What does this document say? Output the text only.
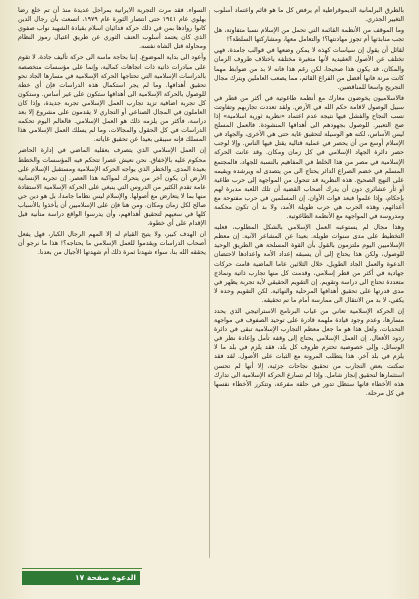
بالطرق البرلمانية الديموقراطية أم يرفض كل ما هو قائم واعتماد أسلوب التغيير الجذري.

وما الموقف من الأنظمة القائمة التي تحمل من الإسلام نسبا متفاوتة، هل تجب منابذتها أم تجوز مهادنتها؟! والتعامل معها، ومشاركتها السلطة؟!

لقائل أن يقول إن سياسات كهذه لا يمكن وضعها في قوالب جامدة، فهي تختلف عن الأصول العقيدية لأنها متغيرة مختلفة باختلاف ظروف الزمان والمكان، قد يكون هذا صحيحا، لكن رغم هذا فانه لا بد من ضوابط مهما كانت مرنة فانها أفضل من الفراغ القائم، مما يصعب العاملين ويترك مجال التجريح واسعا للمناقضين.

فالاسلاميون يخوضون معارك مع أنظمة طاغوتية في أكثر من قطر في سبيل الوصول لاقامة حكم الله في الأرض. ولقد تعددت تجاربهم وتفاوتت نسب النجاح والفشل فيها نتيجة عدم اعتماد «نظرية ثورية اسلامية» إذا صح التعبير. للوصول بجهودهم الى أهدافها المنشودة. فالعمل المسلح ليس الأساس، لكنه هو الوسيلة لتحقيق غاية حتى هي الأخرى، والجهاد في الإسلام أوسع من أن يحصر في عملية قتالية يقتل فيها الناس. وإلا لوجب حصر دائرة الجهاد الإسلامي في كل زمان ومكان. وقد عانت الحركة الإسلامية في مصر من هذا الخلط في المفاهيم بالنسبة للجهاد، فالمجتمع المسلم في خضم الصراع الدائر يحتاج الى من يتصدى له ويرشده ويقيمه على النهج الصحيح. هذه النظرية قد تتحول من المواجهة إلى حرب طاغية أو ثأر عشائري دون أن يدرك أصحاب القضية أن تلك اللعبة مدبرة لهم بإحكام، وإذا علموا فبعد فوات الأوان. إن المسلمين في حرب مفتوحة مع أعدائهم، وهذه الحرب هي حرب طويلة الأمد، ولا بد أن تكون محكمة ومدروسة في المواجهة مع الأنظمة الطاغوتية.

وهذا مجال لم يستوعبه العمل الإسلامي بالشكل المطلوب، فعليه التخطيط على مدى سنوات طويلة. بعيدا عن المشاعر الآنية. إن معظم الإسلاميين اليوم ملتزمون بالقول بأن القوة المسلحة هي الطريق الوحيد للوصول، ولكن هذا يحتاج إلى أن يسبقه إعداد الأمة واعدادها لاحتضان الدعوة والعمل الجاد الطويل، خلال الثلاثين عاما الماضية قامت حركات جهادية في أكثر من قطر إسلامي، وقدمت كل منها تجارب ذاتية ونماذج متعددة تحتاج الى دراسة وتقويم. إن التقويم الحقيقي لأية تجربة يظهر في مدى قدرتها على تحقيق أهدافها المرحلية والنهائية. لكن التقويم وحده لا يكفي، لا بد من الانتقال الى ممارسة أمام ما تم تحقيقه.

إن الحركة الإسلامية تعاني من غياب البرنامج الاستراتيجي الذي يحدد مسارها، وعدم وجود قيادة ملهمة قادرة على توحيد الصفوف في مواجهة التحديات، ولعل هذا هو ما جعل معظم التجارب الإسلامية تبقى في دائرة ردود الأفعال. إن العمل الإسلامي يحتاج إلى وقفة تأمل وإعادة نظر في الوسائل، وإلى خصوصية تحترم ظروف كل بلد، فقد يلزم في بلد ما لا يلزم في بلد آخر. هذا يتطلب المرونة مع الثبات على الأصول. لقد فقد تمكنت بعض التجارب من تحقيق نجاحات جزئية، إلا أنها لم تحسن استثمارها لتحقيق إنجاز شامل. وإذا لم تسارع الحركة الإسلامية الى تدارك هذه الأخطاء فانها ستظل تدور في حلقة مفرغة، وتتكرر الأخطاء نفسها في كل مرحلة.

السواء. فقد مرت التجربة الايرانية بمراحل عديدة منذ أن تم خلع رضا بهلوي عام ١٩٤١ حتى انتصار الثورة عام ١٩٧٩، اتسعت بأن رجال الدين كانوا روادها بمن في ذلك حركة فدائيان اسلام بقيادة الشهيد نواب صفوي الذي كان يعتمد أسلوب العنف الثوري عن طريق اغتيال رموز النظام ومحاولة قتل الشاه نفسه.

وأعود الى بداية الموضوع. إننا بحاجة ماسة الى حركة تأليف جادة، لا تقوم على مبادرات ذاتية ذات اتجاهات كمالية، وإنما على مؤسسات متخصصة بالدراسات الإسلامية التي تحتاجها الحركة الإسلامية في مسارها الجاد نحو تحقيق أهدافها. وما لم يجر استكمال هذه الدراسات فإن أي خطة للوصول بالحركة الإسلامية الى أهدافها ستكون على غير أساس. وستكون كل تجربة اضافية تزيد تجارب العمل الإسلامي تجربة جديدة، وإذا كان العاملون في المجال الصناعي أو التجاري لا يقدمون على مشروع إلا بعد دراسة، فأكثر من يلزمه ذلك هو العمل الإسلامي. فالعالم اليوم تحكمه الدراسات في كل الحقول والمجالات، وما لم يسلك العمل الإسلامي هذا المسلك فإنه سيبقى بعيدا عن تحقيق غاياته.

إن العمل الإسلامي الذي يتصرف بعقلية الماضي في إدارة الحاضر محكوم عليه بالإخفاق. نحن نعيش عصرا تتحكم فيه المؤسسات والخطط بعيدة المدى. والخطر الذي يواجه الحركة الإسلامية ومستقبل الإسلام على الأرض أن يكون آخر من يتحرك لمواكبة هذا العصر. إن تجربة الإنسانية عامة تقدم الكثير من الدروس التي ينبغي على الحركة الإسلامية الاستفادة منها بما لا يتعارض مع أصولها. والإسلام ليس نظاما جامدا، بل هو دين حي صالح لكل زمان ومكان. ومن هنا فإن على الإسلاميين أن يأخذوا بالأسباب كلها في سعيهم لتحقيق أهدافهم، وأن يدرسوا الواقع دراسة متأنية قبل الإقدام على أي خطوة.

ان الهدف كبير، ولا يتيح القيام له إلا المهم الرجال الكبار، فهل يفعل أصحاب الدراسات ويقدموا للعمل الإسلامي ما يحتاجه؟! هذا ما نرجو أن يحققه الله بنا، سواء شهدنا ثمرة ذلك أم شهدتها الأجيال من بعدنا.

الدعوة صفحة ١٧
